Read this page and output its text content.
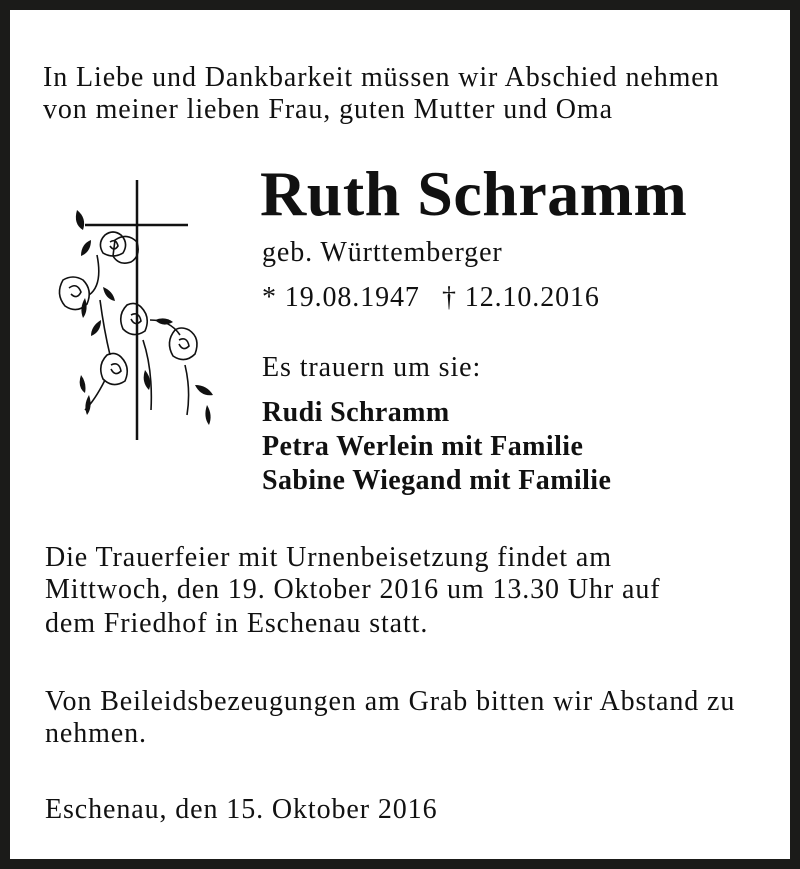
In Liebe und Dankbarkeit müssen wir Abschied nehmen
von meiner lieben Frau, guten Mutter und Oma
Ruth Schramm
geb. Württemberger
* 19.08.1947 † 12.10.2016
Es trauern um sie:
Rudi Schramm
Petra Werlein mit Familie
Sabine Wiegand mit Familie
Die Trauerfeier mit Urnenbeisetzung findet am
Mittwoch, den 19. Oktober 2016 um 13.30 Uhr auf
dem Friedhof in Eschenau statt.
Von Beileidsbezeugungen am Grab bitten wir Abstand zu
nehmen.
Eschenau, den 15. Oktober 2016
